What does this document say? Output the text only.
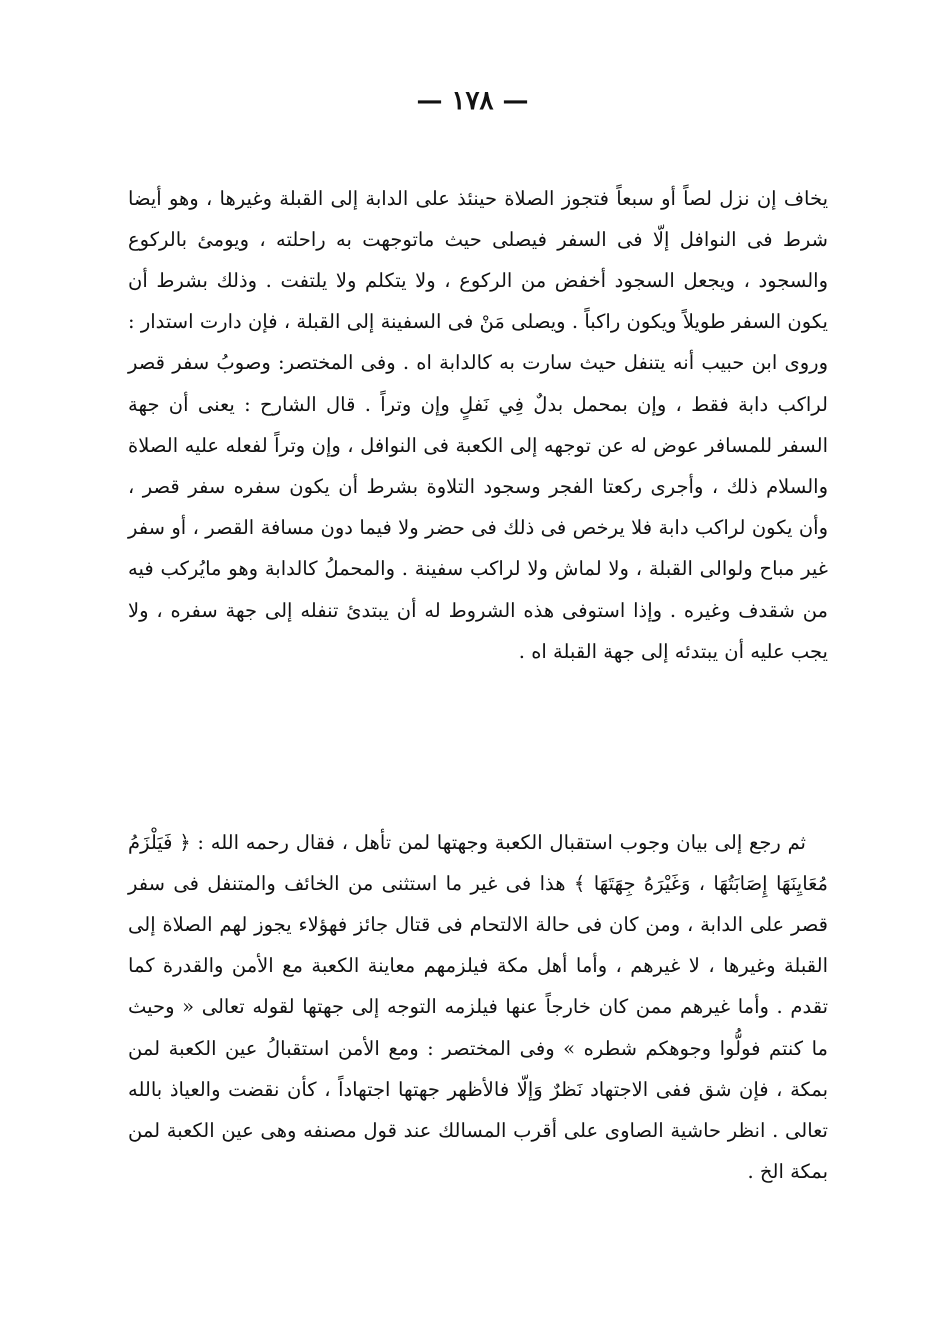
— ١٧٨ —

يخاف إن نزل لصاً أو سبعاً فتجوز الصلاة حينئذ على الدابة إلى القبلة وغيرها ، وهو أيضا شرط فى النوافل إلّا فى السفر فيصلى حيث ماتوجهت به راحلته ، ويومئ بالركوع والسجود ، ويجعل السجود أخفض من الركوع ، ولا يتكلم ولا يلتفت . وذلك بشرط أن يكون السفر طويلاً ويكون راكباً . ويصلى مَنْ فى السفينة إلى القبلة ، فإن دارت استدار : وروى ابن حبيب أنه يتنفل حيث سارت به كالدابة اه . وفى المختصر: وصوبُ سفر قصر لراكب دابة فقط ، وإن بمحمل بدلٌ فِي نَفلٍ وإن وتراً . قال الشارح : يعنى أن جهة السفر للمسافر عوض له عن توجهه إلى الكعبة فى النوافل ، وإن وتراً لفعله عليه الصلاة والسلام ذلك ، وأجرى ركعتا الفجر وسجود التلاوة بشرط أن يكون سفره سفر قصر ، وأن يكون لراكب دابة فلا يرخص فى ذلك فى حضر ولا فيما دون مسافة القصر ، أو سفر غير مباح ولوالى القبلة ، ولا لماش ولا لراكب سفينة . والمحملُ كالدابة وهو مايُركب فيه من شقدف وغيره . وإذا استوفى هذه الشروط له أن يبتدئ تنفله إلى جهة سفره ، ولا يجب عليه أن يبتدئه إلى جهة القبلة اه .

ثم رجع إلى بيان وجوب استقبال الكعبة وجهتها لمن تأهل ، فقال رحمه الله : ﴿ فَيَلْزَمُ مُعَايِنَهَا إِصَابَتُهَا ، وَغَيْرَهُ جِهَتَهَا ﴾ هذا فى غير ما استثنى من الخائف والمتنفل فى سفر قصر على الدابة ، ومن كان فى حالة الالتحام فى قتال جائز فهؤلاء يجوز لهم الصلاة إلى القبلة وغيرها ، لا غيرهم ، وأما أهل مكة فيلزمهم معاينة الكعبة مع الأمن والقدرة كما تقدم . وأما غيرهم ممن كان خارجاً عنها فيلزمه التوجه إلى جهتها لقوله تعالى « وحيث ما كنتم فولُّوا وجوهكم شطره » وفى المختصر : ومع الأمن استقبالُ عين الكعبة لمن بمكة ، فإن شق ففى الاجتهاد نَظرٌ وَإلّا فالأظهر جهتها اجتهاداً ، كأن نقضت والعياذ بالله تعالى . انظر حاشية الصاوى على أقرب المسالك عند قول مصنفه وهى عين الكعبة لمن بمكة الخ .
